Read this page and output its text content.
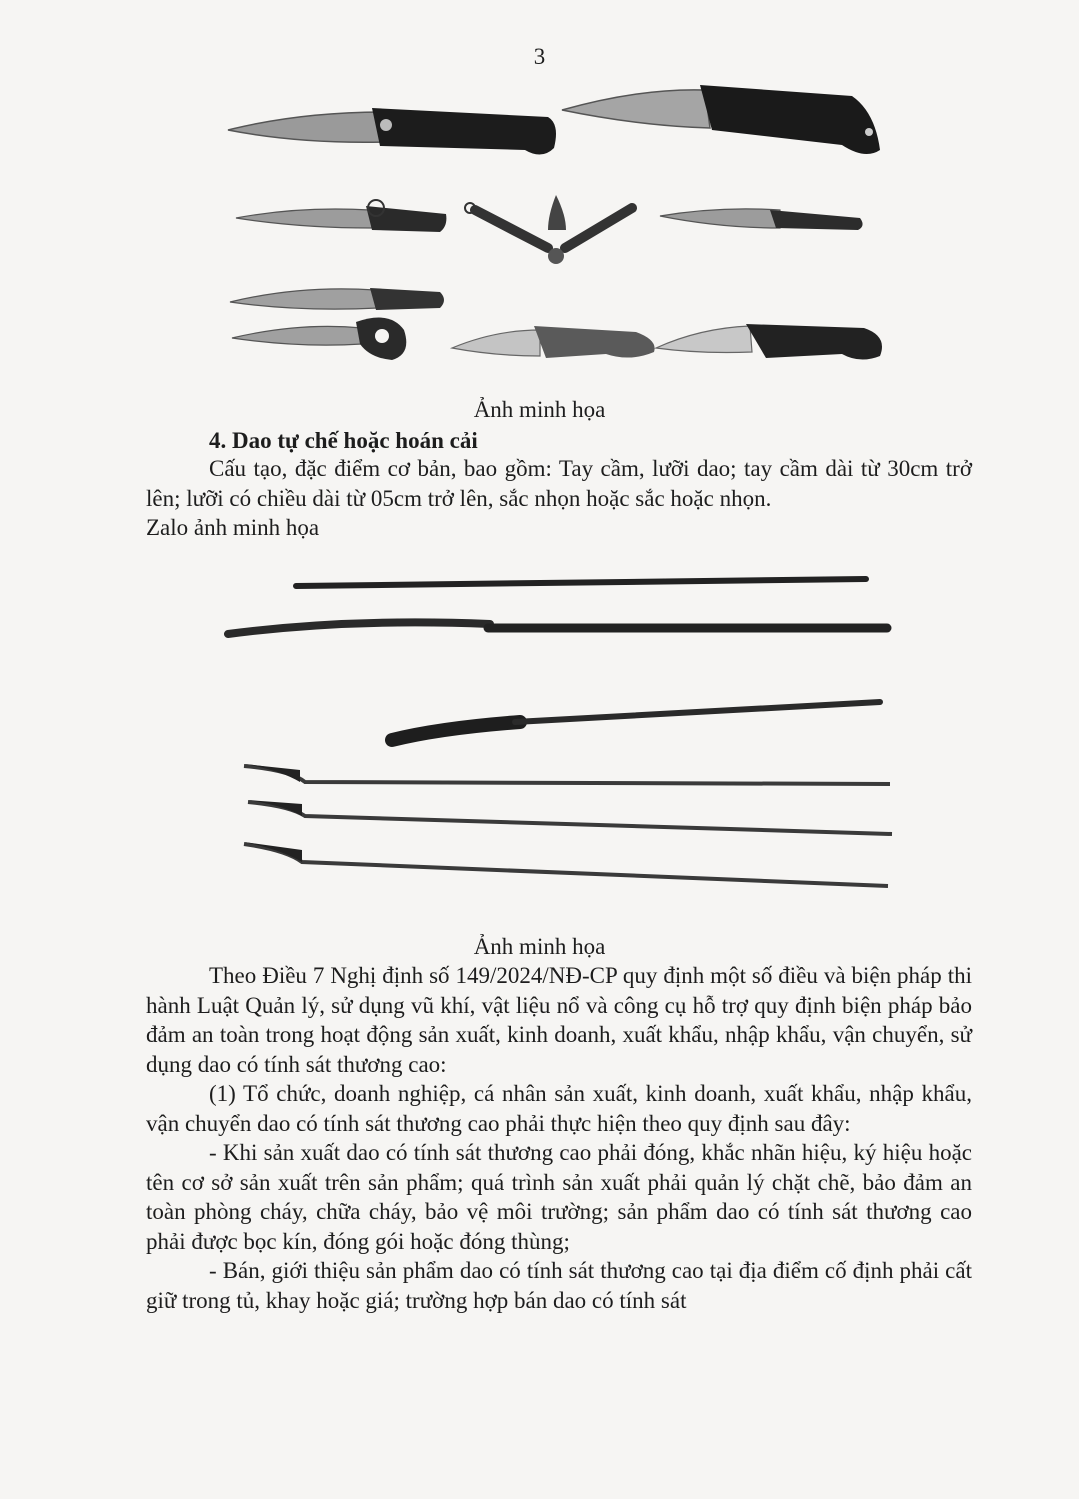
3
Ảnh minh họa
4. Dao tự chế hoặc hoán cải

Cấu tạo, đặc điểm cơ bản, bao gồm: Tay cầm, lưỡi dao; tay cầm dài từ 30cm trở lên; lưỡi có chiều dài từ 05cm trở lên, sắc nhọn hoặc sắc hoặc nhọn.

Zalo ảnh minh họa

Ảnh minh họa

Theo Điều 7 Nghị định số 149/2024/NĐ-CP quy định một số điều và biện pháp thi hành Luật Quản lý, sử dụng vũ khí, vật liệu nổ và công cụ hỗ trợ quy định biện pháp bảo đảm an toàn trong hoạt động sản xuất, kinh doanh, xuất khẩu, nhập khẩu, vận chuyển, sử dụng dao có tính sát thương cao:

(1) Tổ chức, doanh nghiệp, cá nhân sản xuất, kinh doanh, xuất khẩu, nhập khẩu, vận chuyển dao có tính sát thương cao phải thực hiện theo quy định sau đây:

- Khi sản xuất dao có tính sát thương cao phải đóng, khắc nhãn hiệu, ký hiệu hoặc tên cơ sở sản xuất trên sản phẩm; quá trình sản xuất phải quản lý chặt chẽ, bảo đảm an toàn phòng cháy, chữa cháy, bảo vệ môi trường; sản phẩm dao có tính sát thương cao phải được bọc kín, đóng gói hoặc đóng thùng;

- Bán, giới thiệu sản phẩm dao có tính sát thương cao tại địa điểm cố định phải cất giữ trong tủ, khay hoặc giá; trường hợp bán dao có tính sát
